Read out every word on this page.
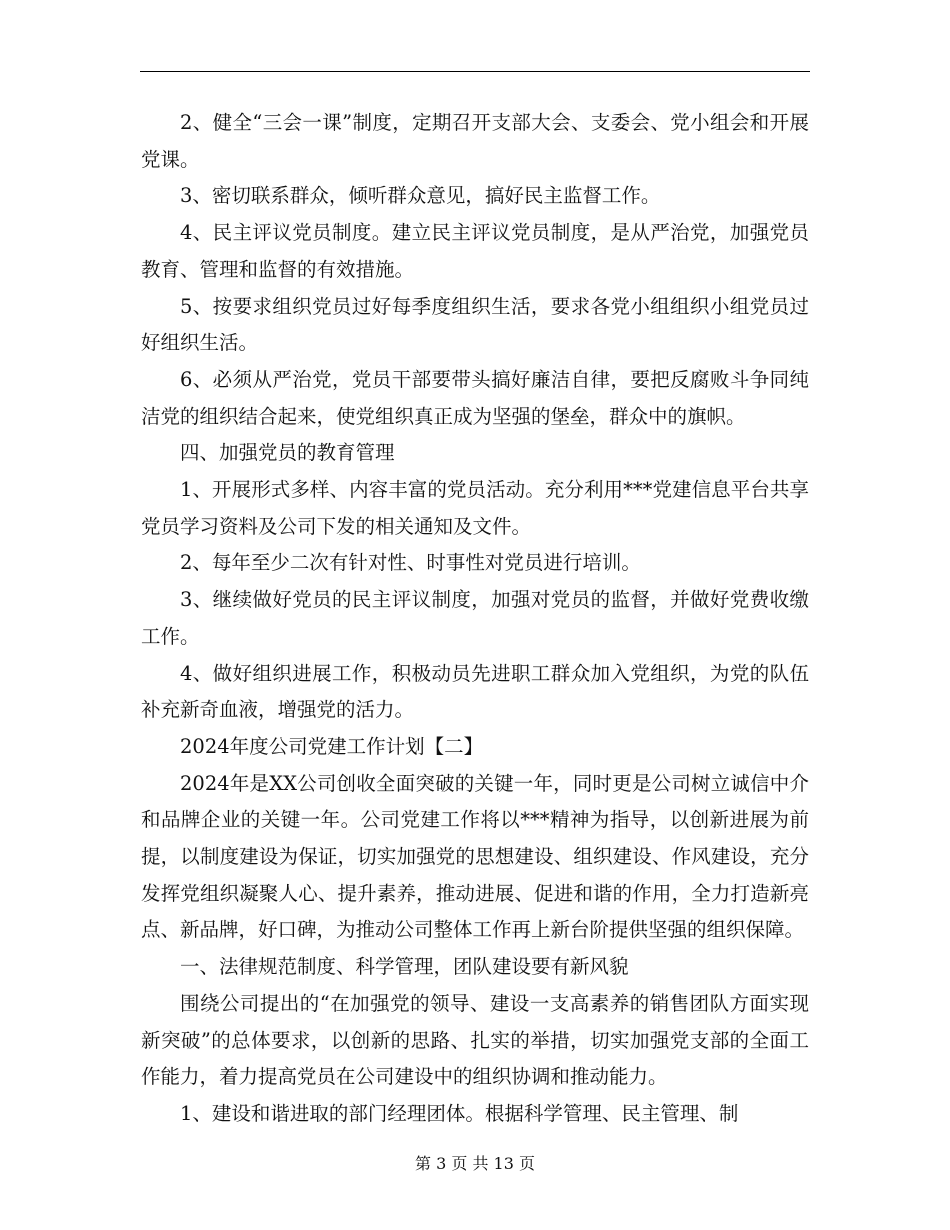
2、健全“三会一课”制度，定期召开支部大会、支委会、党小组会和开展党课。

3、密切联系群众，倾听群众意见，搞好民主监督工作。

4、民主评议党员制度。建立民主评议党员制度，是从严治党，加强党员教育、管理和监督的有效措施。

5、按要求组织党员过好每季度组织生活，要求各党小组组织小组党员过好组织生活。

6、必须从严治党，党员干部要带头搞好廉洁自律，要把反腐败斗争同纯洁党的组织结合起来，使党组织真正成为坚强的堡垒，群众中的旗帜。

四、加强党员的教育管理

1、开展形式多样、内容丰富的党员活动。充分利用***党建信息平台共享党员学习资料及公司下发的相关通知及文件。

2、每年至少二次有针对性、时事性对党员进行培训。

3、继续做好党员的民主评议制度，加强对党员的监督，并做好党费收缴工作。

4、做好组织进展工作，积极动员先进职工群众加入党组织，为党的队伍补充新奇血液，增强党的活力。

2024年度公司党建工作计划【二】

2024年是XX公司创收全面突破的关键一年，同时更是公司树立诚信中介和品牌企业的关键一年。公司党建工作将以***精神为指导，以创新进展为前提，以制度建设为保证，切实加强党的思想建设、组织建设、作风建设，充分发挥党组织凝聚人心、提升素养，推动进展、促进和谐的作用，全力打造新亮点、新品牌，好口碑，为推动公司整体工作再上新台阶提供坚强的组织保障。

一、法律规范制度、科学管理，团队建设要有新风貌

围绕公司提出的“在加强党的领导、建设一支高素养的销售团队方面实现新突破”的总体要求，以创新的思路、扎实的举措，切实加强党支部的全面工作能力，着力提高党员在公司建设中的组织协调和推动能力。

1、建设和谐进取的部门经理团体。根据科学管理、民主管理、制

第 3 页 共 13 页
